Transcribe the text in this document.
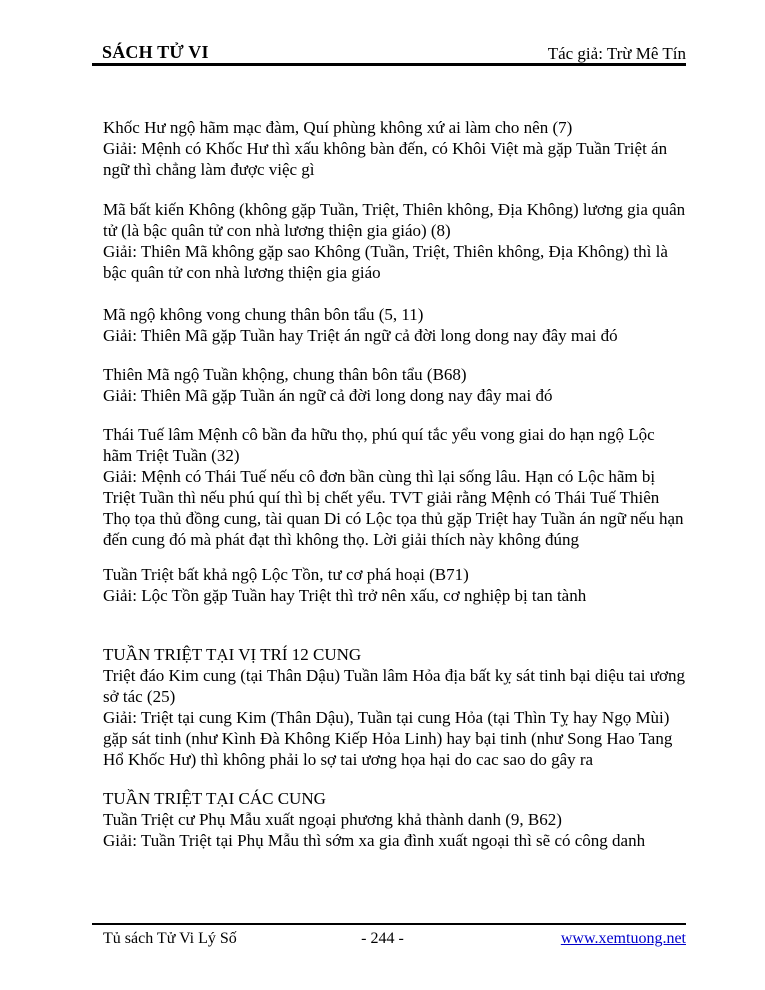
SÁCH TỬ VI	Tác giả: Trừ Mê Tín
Khốc Hư ngộ hãm mạc đàm, Quí phùng không xứ ai làm cho nên (7)
Giải: Mệnh có Khốc Hư thì xấu không bàn đến, có Khôi Việt mà gặp Tuần Triệt án ngữ thì chẳng làm được việc gì
Mã bất kiến Không (không gặp Tuần, Triệt, Thiên không, Địa Không) lương gia quân tử (là bậc quân tử con nhà lương thiện gia giáo) (8)
Giải: Thiên Mã không gặp sao Không (Tuần, Triệt, Thiên không, Địa Không) thì là bậc quân tử con nhà lương thiện gia giáo
Mã ngộ không vong chung thân bôn tẩu (5, 11)
Giải: Thiên Mã gặp Tuần hay Triệt án ngữ cả đời long dong nay đây mai đó
Thiên Mã ngộ Tuần khộng, chung thân bôn tẩu (B68)
Giải: Thiên Mã gặp Tuần án ngữ cả đời long dong nay đây mai đó
Thái Tuế lâm Mệnh cô bần đa hữu thọ, phú quí tắc yểu vong giai do hạn ngộ Lộc hãm Triệt Tuần (32)
Giải: Mệnh có Thái Tuế nếu cô đơn bần cùng thì lại sống lâu. Hạn có Lộc hãm bị Triệt Tuần thì nếu phú quí thì bị chết yểu. TVT giải rằng Mệnh có Thái Tuế Thiên Thọ tọa thủ đồng cung, tài quan Di có Lộc tọa thủ gặp Triệt hay Tuần án ngữ nếu hạn đến cung đó mà phát đạt thì không thọ. Lời giải thích này không đúng
Tuần Triệt bất khả ngộ Lộc Tồn, tư cơ phá hoại (B71)
Giải: Lộc Tồn gặp Tuần hay Triệt thì trở nên xấu, cơ nghiệp bị tan tành
TUẦN TRIỆT TẠI VỊ TRÍ 12 CUNG
Triệt đáo Kim cung (tại Thân Dậu) Tuần lâm Hỏa địa bất kỵ sát tinh bại diệu tai ương sở tác (25)
Giải: Triệt tại cung Kim (Thân Dậu), Tuần tại cung Hỏa (tại Thìn Tỵ hay Ngọ Mùi) gặp sát tinh (như Kình Đà Không Kiếp Hỏa Linh) hay bại tinh (như Song Hao Tang Hổ Khốc Hư) thì không phải lo sợ tai ương họa hại do cac sao do gây ra
TUẦN TRIỆT TẠI CÁC CUNG
Tuần Triệt cư Phụ Mẫu xuất ngoại phương khả thành danh (9, B62)
Giải: Tuần Triệt tại Phụ Mẫu thì sớm xa gia đình xuất ngoại thì sẽ có công danh
Tủ sách Tử Vi Lý Số	- 244 -	www.xemtuong.net
